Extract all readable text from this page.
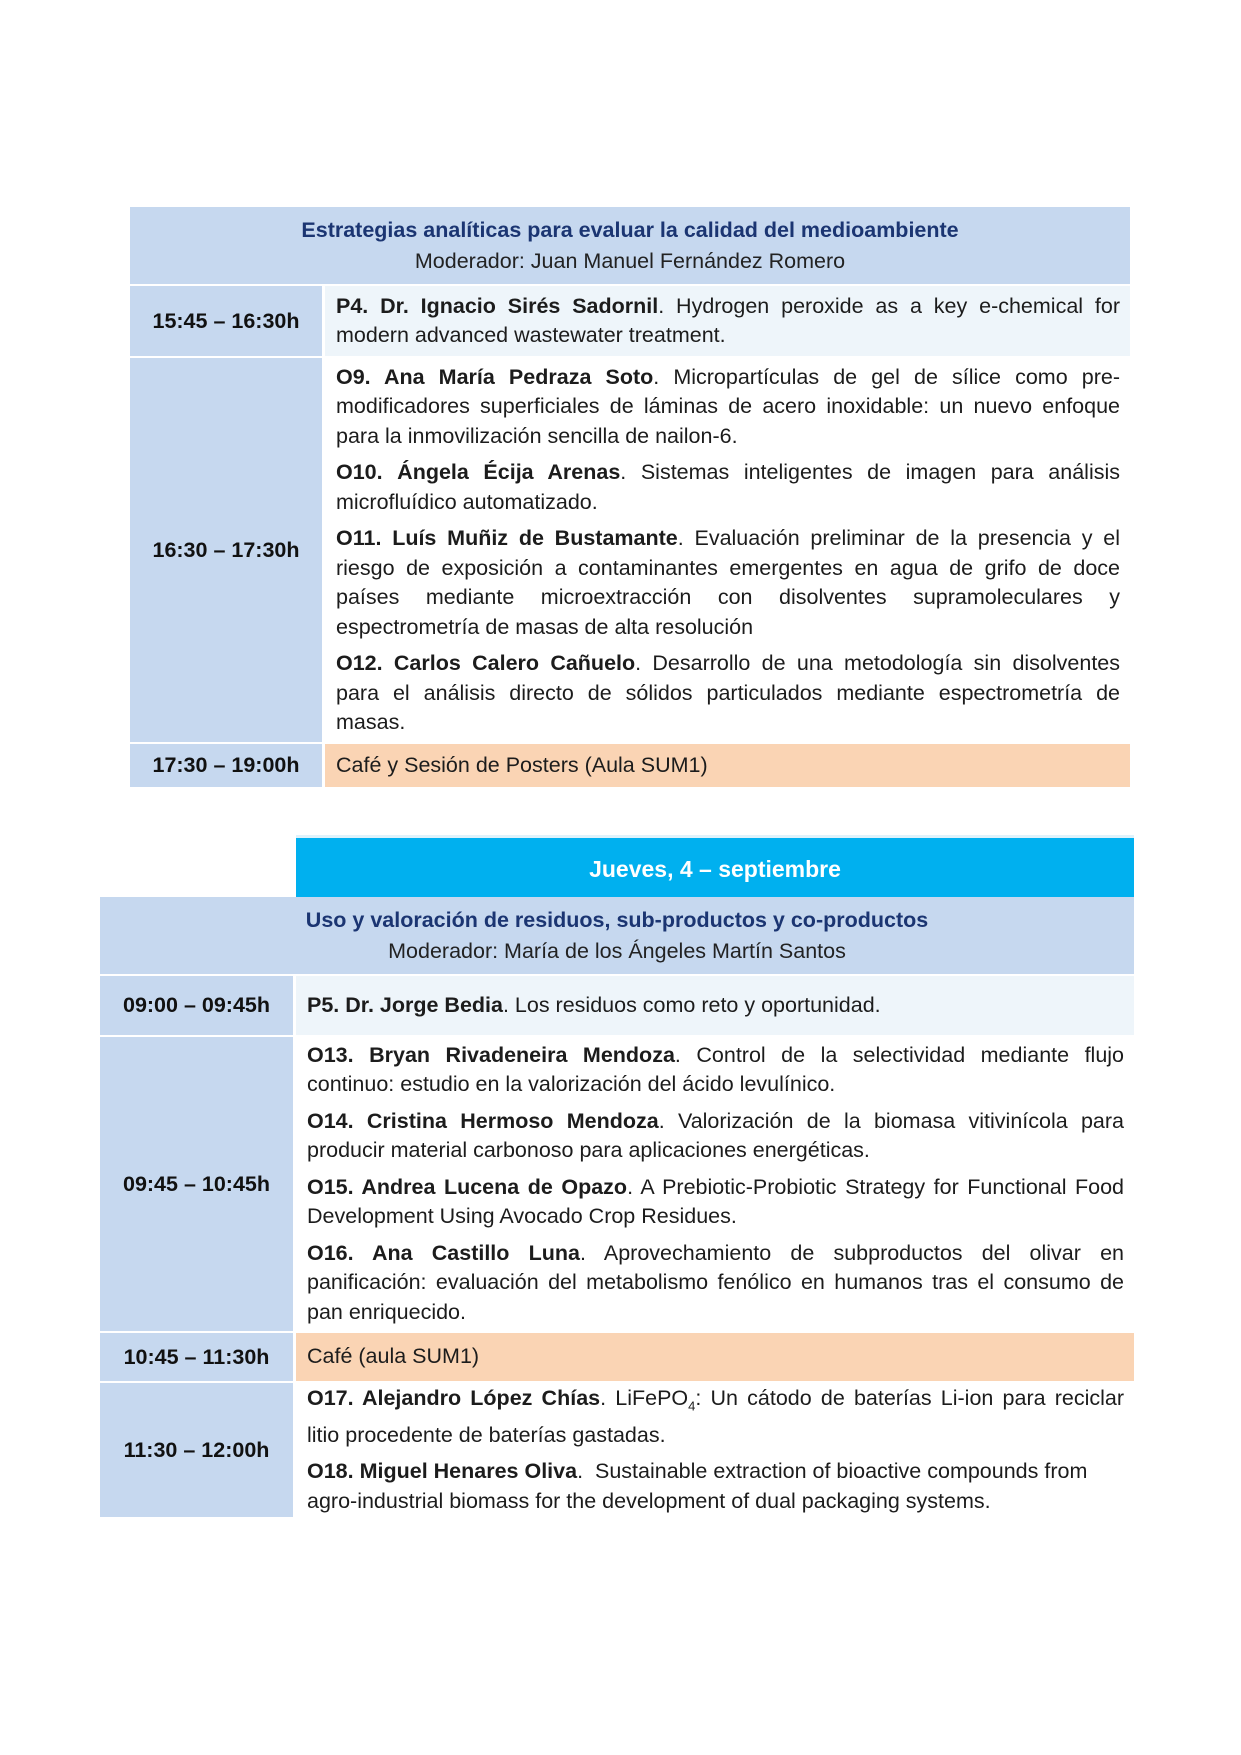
Estrategias analíticas para evaluar la calidad del medioambiente
Moderador: Juan Manuel Fernández Romero	

15:45 – 16:30h	P4. Dr. Ignacio Sirés Sadornil. Hydrogen peroxide as a key e-chemical for modern advanced wastewater treatment.

16:30 – 17:30h	O9. Ana María Pedraza Soto. Micropartículas de gel de sílice como pre-modificadores superficiales de láminas de acero inoxidable: un nuevo enfoque para la inmovilización sencilla de nailon-6.

O10. Ángela Écija Arenas. Sistemas inteligentes de imagen para análisis microfluídico automatizado.

O11. Luís Muñiz de Bustamante. Evaluación preliminar de la presencia y el riesgo de exposición a contaminantes emergentes en agua de grifo de doce países mediante microextracción con disolventes supramoleculares y espectrometría de masas de alta resolución

O12. Carlos Calero Cañuelo. Desarrollo de una metodología sin disolventes para el análisis directo de sólidos particulados mediante espectrometría de masas.

17:30 – 19:00h	Café y Sesión de Posters (Aula SUM1)
Jueves, 4 – septiembre
Uso y valoración de residuos, sub-productos y co-productos
Moderador: María de los Ángeles Martín Santos	

09:00 – 09:45h	P5. Dr. Jorge Bedia. Los residuos como reto y oportunidad.

09:45 – 10:45h	O13. Bryan Rivadeneira Mendoza. Control de la selectividad mediante flujo continuo: estudio en la valorización del ácido levulínico.

O14. Cristina Hermoso Mendoza. Valorización de la biomasa vitivinícola para producir material carbonoso para aplicaciones energéticas.

O15. Andrea Lucena de Opazo. A Prebiotic-Probiotic Strategy for Functional Food Development Using Avocado Crop Residues.

O16. Ana Castillo Luna. Aprovechamiento de subproductos del olivar en panificación: evaluación del metabolismo fenólico en humanos tras el consumo de pan enriquecido.

10:45 – 11:30h	Café (aula SUM1)
11:30 – 12:00h	O17. Alejandro López Chías. LiFePO$_4$: Un cátodo de baterías Li-ion para reciclar litio procedente de baterías gastadas.

O18. Miguel Henares Oliva.  Sustainable extraction of bioactive compounds from agro-industrial biomass for the development of dual packaging systems.
